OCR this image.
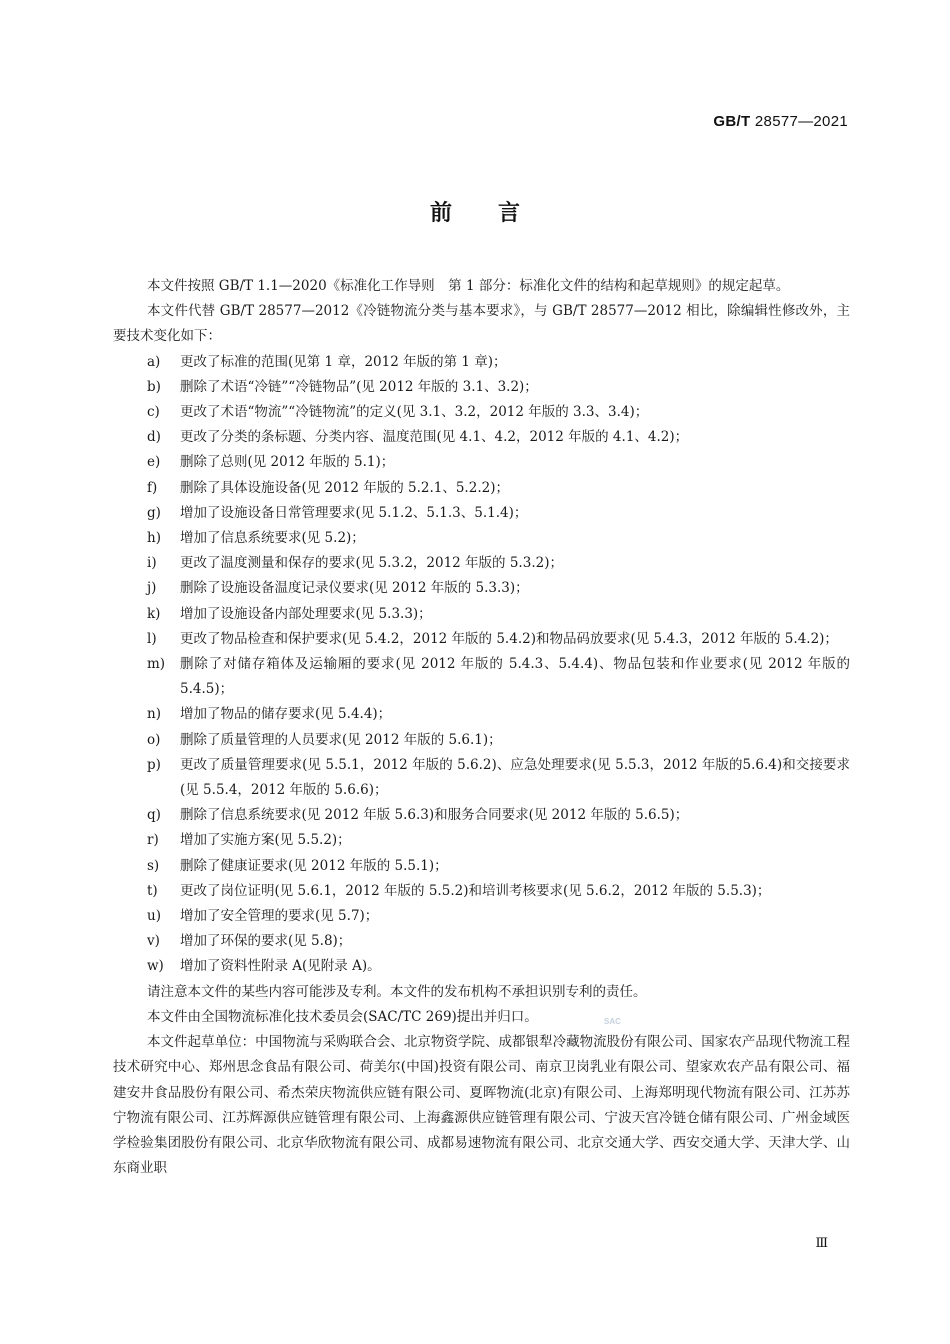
GB/T 28577—2021
前言

本文件按照 GB/T 1.1—2020《标准化工作导则　第 1 部分：标准化文件的结构和起草规则》的规定起草。

本文件代替 GB/T 28577—2012《冷链物流分类与基本要求》，与 GB/T 28577—2012 相比，除编辑性修改外，主要技术变化如下：

a) 更改了标准的范围(见第 1 章，2012 年版的第 1 章)；

b) 删除了术语“冷链”“冷链物品”(见 2012 年版的 3.1、3.2)；

c) 更改了术语“物流”“冷链物流”的定义(见 3.1、3.2，2012 年版的 3.3、3.4)；

d) 更改了分类的条标题、分类内容、温度范围(见 4.1、4.2，2012 年版的 4.1、4.2)；

e) 删除了总则(见 2012 年版的 5.1)；

f) 删除了具体设施设备(见 2012 年版的 5.2.1、5.2.2)；

g) 增加了设施设备日常管理要求(见 5.1.2、5.1.3、5.1.4)；

h) 增加了信息系统要求(见 5.2)；

i) 更改了温度测量和保存的要求(见 5.3.2，2012 年版的 5.3.2)；

j) 删除了设施设备温度记录仪要求(见 2012 年版的 5.3.3)；

k) 增加了设施设备内部处理要求(见 5.3.3)；

l) 更改了物品检查和保护要求(见 5.4.2，2012 年版的 5.4.2)和物品码放要求(见 5.4.3，2012 年版的 5.4.2)；

m) 删除了对储存箱体及运输厢的要求(见 2012 年版的 5.4.3、5.4.4)、物品包装和作业要求(见 2012 年版的 5.4.5)；

n) 增加了物品的储存要求(见 5.4.4)；

o) 删除了质量管理的人员要求(见 2012 年版的 5.6.1)；

p) 更改了质量管理要求(见 5.5.1，2012 年版的 5.6.2)、应急处理要求(见 5.5.3，2012 年版的5.6.4)和交接要求(见 5.5.4，2012 年版的 5.6.6)；

q) 删除了信息系统要求(见 2012 年版 5.6.3)和服务合同要求(见 2012 年版的 5.6.5)；

r) 增加了实施方案(见 5.5.2)；

s) 删除了健康证要求(见 2012 年版的 5.5.1)；

t) 更改了岗位证明(见 5.6.1，2012 年版的 5.5.2)和培训考核要求(见 5.6.2，2012 年版的 5.5.3)；

u) 增加了安全管理的要求(见 5.7)；

v) 增加了环保的要求(见 5.8)；

w) 增加了资料性附录 A(见附录 A)。

请注意本文件的某些内容可能涉及专利。本文件的发布机构不承担识别专利的责任。

本文件由全国物流标准化技术委员会(SAC/TC 269)提出并归口。

本文件起草单位：中国物流与采购联合会、北京物资学院、成都银犁冷藏物流股份有限公司、国家农产品现代物流工程技术研究中心、郑州思念食品有限公司、荷美尔(中国)投资有限公司、南京卫岗乳业有限公司、望家欢农产品有限公司、福建安井食品股份有限公司、希杰荣庆物流供应链有限公司、夏晖物流(北京)有限公司、上海郑明现代物流有限公司、江苏苏宁物流有限公司、江苏辉源供应链管理有限公司、上海鑫源供应链管理有限公司、宁波天宫冷链仓储有限公司、广州金域医学检验集团股份有限公司、北京华欣物流有限公司、成都易速物流有限公司、北京交通大学、西安交通大学、天津大学、山东商业职

SAC
Ⅲ
